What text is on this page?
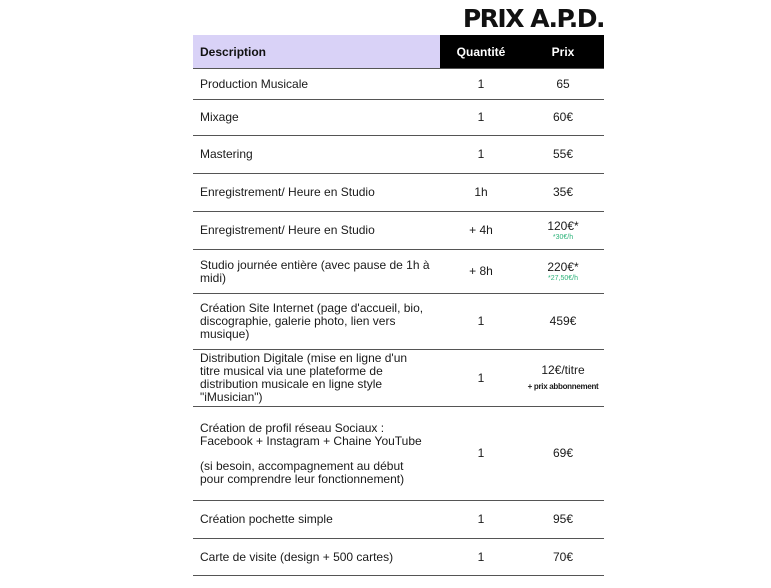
PRIX A.P.D.
Description	Quantité	Prix
Production Musicale	1	65
Mixage	1	60€
Mastering	1	55€
Enregistrement/ Heure en Studio	1h	35€
Enregistrement/ Heure en Studio	+ 4h	120€*
*30€/h

Studio journée entière (avec pause de 1h à midi)	+ 8h	220€*
*27,50€/h

Création Site Internet (page d'accueil, bio, discographie, galerie photo, lien vers musique)	1	459€
Distribution Digitale (mise en ligne d'un titre musical via une plateforme de distribution musicale en ligne style "iMusician")	1	12€/titre
+ prix abbonnement

Création de profil réseau Sociaux : Facebook + Instagram + Chaine YouTube
(si besoin, accompagnement au début pour comprendre leur fonctionnement)	1	69€
Création pochette simple	1	95€
Carte de visite (design + 500 cartes)	1	70€
